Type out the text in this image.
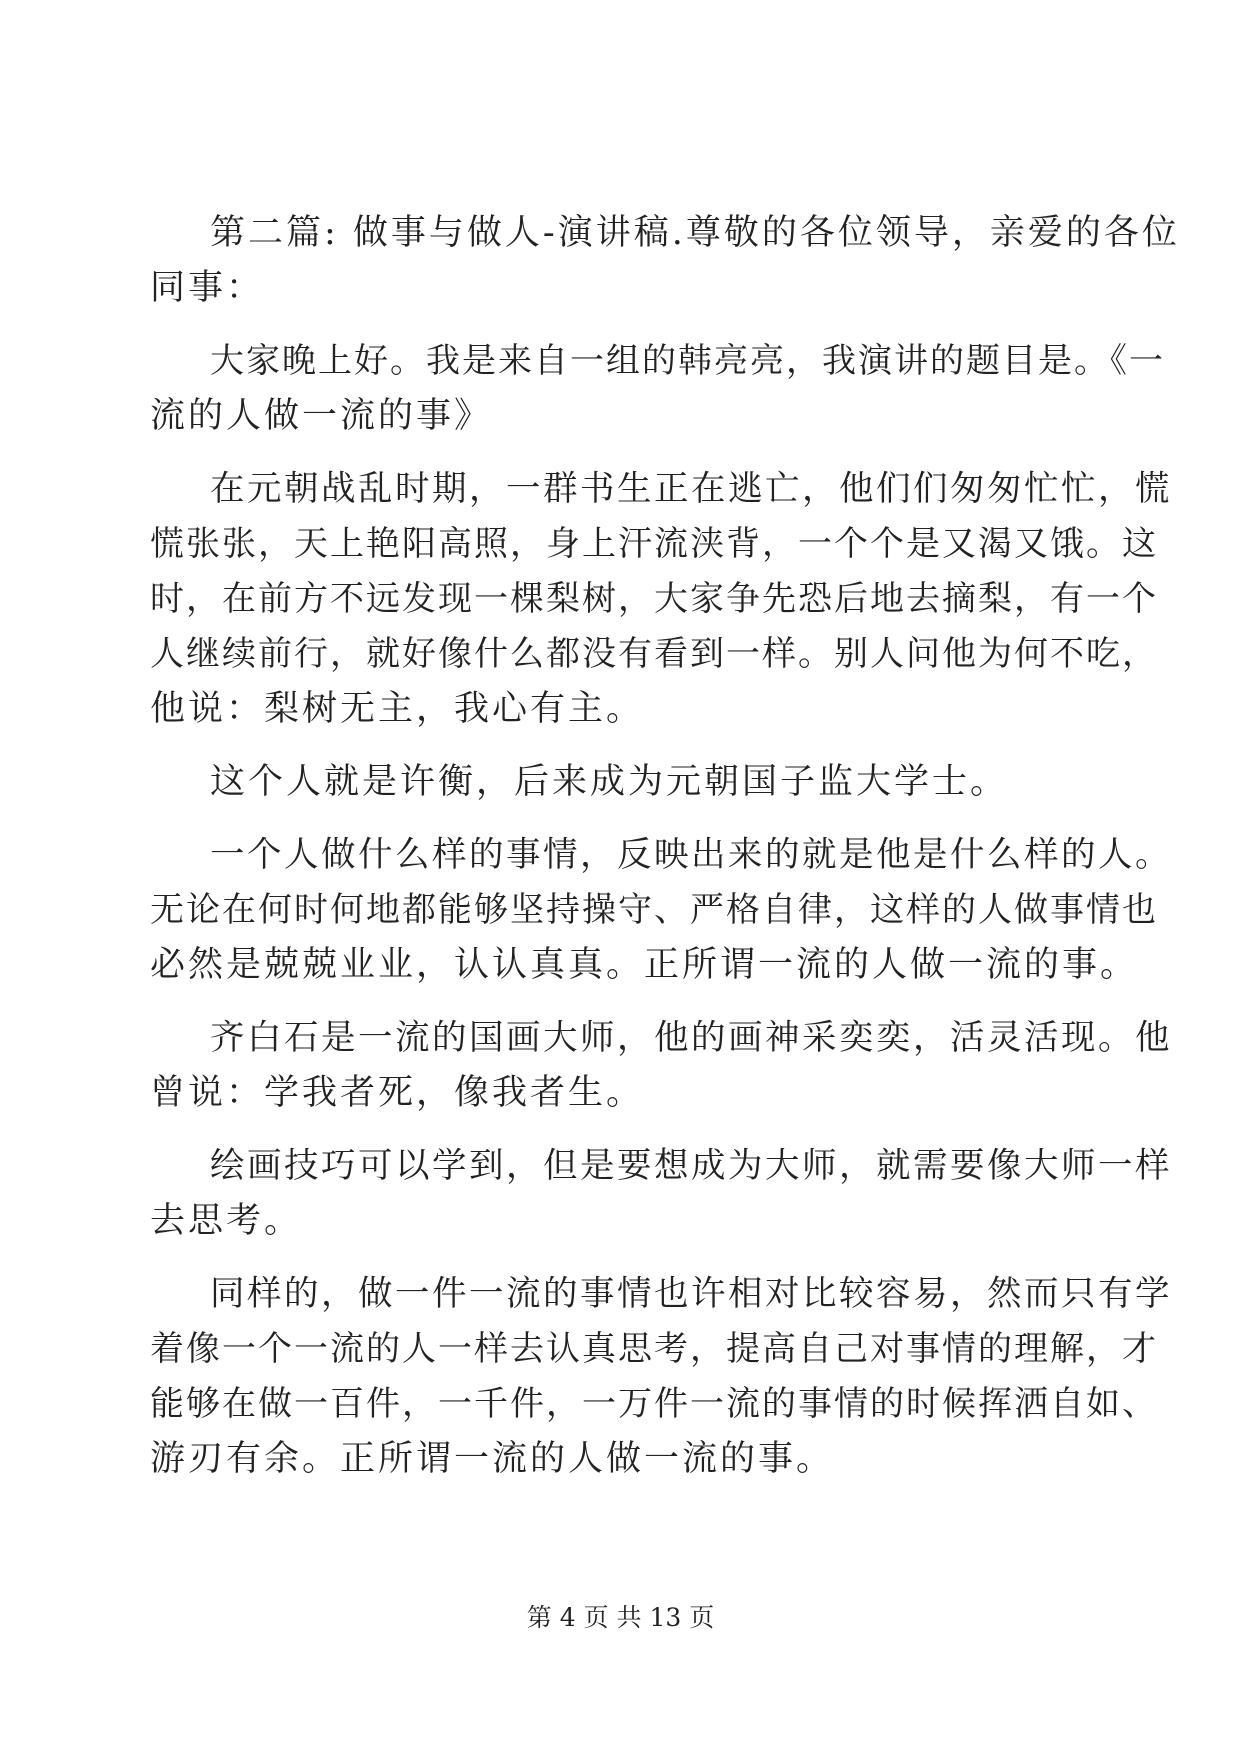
第二篇: 做事与做人-演讲稿.尊敬的各位领导，亲爱的各位
同事：
大家晚上好。我是来自一组的韩亮亮，我演讲的题目是。《一
流的人做一流的事》
在元朝战乱时期，一群书生正在逃亡，他们们匆匆忙忙，慌
慌张张，天上艳阳高照，身上汗流浃背，一个个是又渴又饿。这
时，在前方不远发现一棵梨树，大家争先恐后地去摘梨，有一个
人继续前行，就好像什么都没有看到一样。别人问他为何不吃，
他说：梨树无主，我心有主。
这个人就是许衡，后来成为元朝国子监大学士。
一个人做什么样的事情，反映出来的就是他是什么样的人。
无论在何时何地都能够坚持操守、严格自律，这样的人做事情也
必然是兢兢业业，认认真真。正所谓一流的人做一流的事。
齐白石是一流的国画大师，他的画神采奕奕，活灵活现。他
曾说：学我者死，像我者生。
绘画技巧可以学到，但是要想成为大师，就需要像大师一样
去思考。
同样的，做一件一流的事情也许相对比较容易，然而只有学
着像一个一流的人一样去认真思考，提高自己对事情的理解，才
能够在做一百件，一千件，一万件一流的事情的时候挥洒自如、
游刃有余。正所谓一流的人做一流的事。
第 4 页 共 13 页
